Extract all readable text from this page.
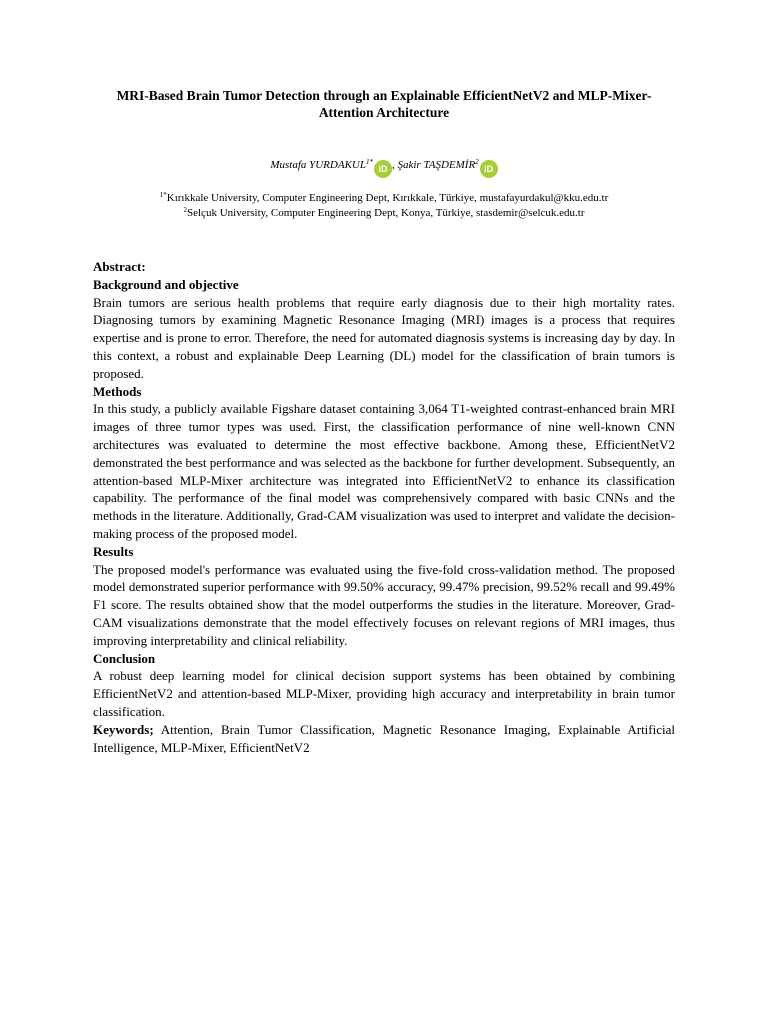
MRI-Based Brain Tumor Detection through an Explainable EfficientNetV2 and MLP-Mixer-Attention Architecture
Mustafa $YURDAKUL^{1*}iD$ , Şakir TAŞDEMİR$^2$iD
$^{1*}$Kırıkkale University, Computer Engineering Dept, Kırıkkale, Türkiye, mustafayurdakul@kku.edu.tr
$^2$Selçuk University, Computer Engineering Dept, Konya, Türkiye, stasdemir@selcuk.edu.tr
Abstract:
Background and objective

Brain tumors are serious health problems that require early diagnosis due to their high mortality rates. Diagnosing tumors by examining Magnetic Resonance Imaging (MRI) images is a process that requires expertise and is prone to error. Therefore, the need for automated diagnosis systems is increasing day by day. In this context, a robust and explainable Deep Learning (DL) model for the classification of brain tumors is proposed.

Methods

In this study, a publicly available Figshare dataset containing 3,064 T1-weighted contrast-enhanced brain MRI images of three tumor types was used. First, the classification performance of nine well-known CNN architectures was evaluated to determine the most effective backbone. Among these, EfficientNetV2 demonstrated the best performance and was selected as the backbone for further development. Subsequently, an attention-based MLP-Mixer architecture was integrated into EfficientNetV2 to enhance its classification capability. The performance of the final model was comprehensively compared with basic CNNs and the methods in the literature. Additionally, Grad-CAM visualization was used to interpret and validate the decision-making process of the proposed model.

Results

The proposed model's performance was evaluated using the five-fold cross-validation method. The proposed model demonstrated superior performance with 99.50% accuracy, 99.47% precision, 99.52% recall and 99.49% F1 score. The results obtained show that the model outperforms the studies in the literature. Moreover, Grad-CAM visualizations demonstrate that the model effectively focuses on relevant regions of MRI images, thus improving interpretability and clinical reliability.

Conclusion

A robust deep learning model for clinical decision support systems has been obtained by combining EfficientNetV2 and attention-based MLP-Mixer, providing high accuracy and interpretability in brain tumor classification.

Keywords; Attention, Brain Tumor Classification, Magnetic Resonance Imaging, Explainable Artificial Intelligence, MLP-Mixer, EfficientNetV2
